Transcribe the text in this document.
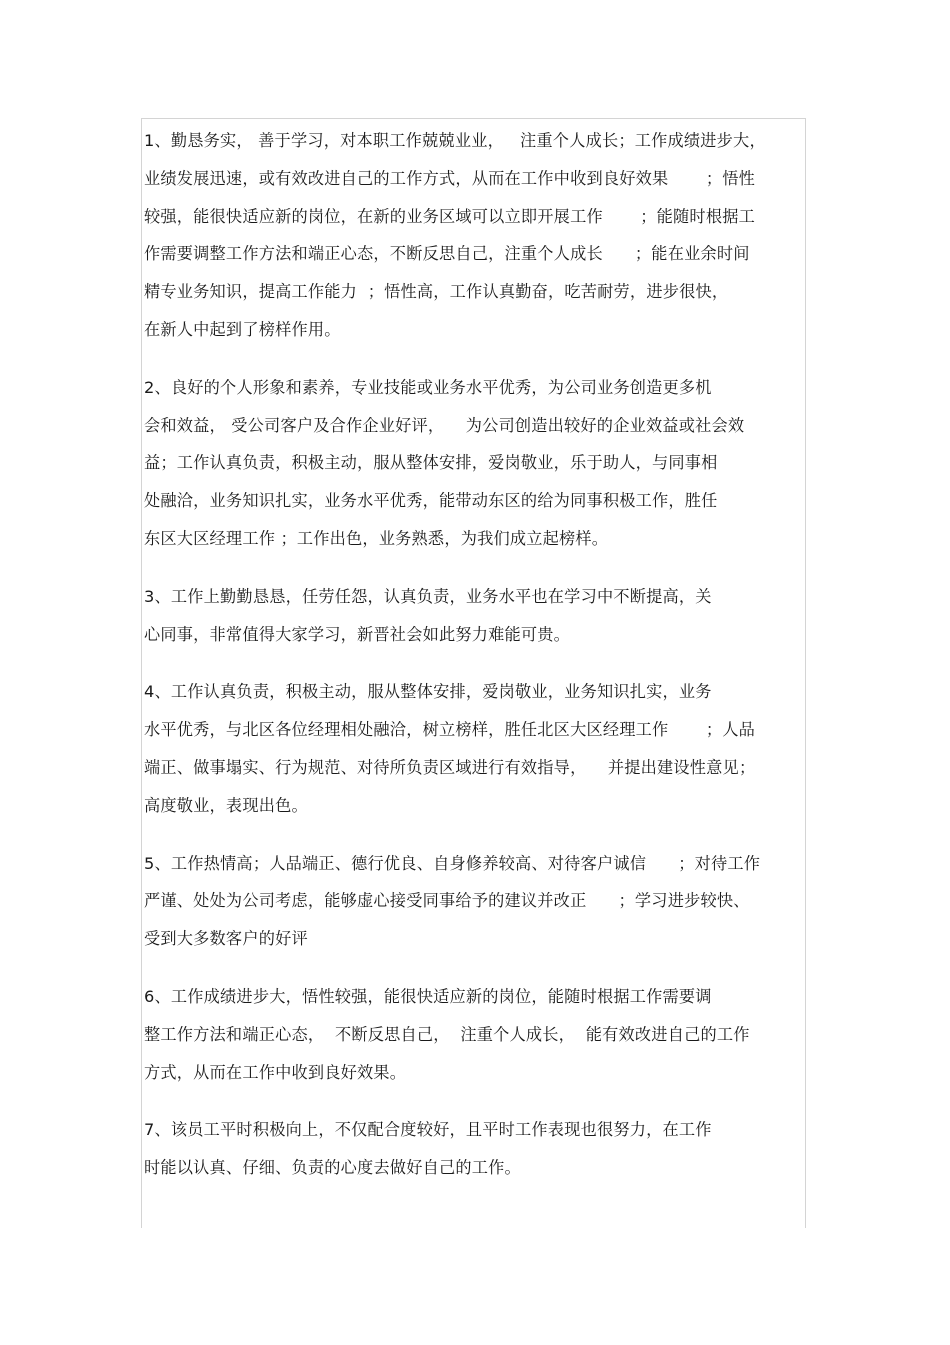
1、勤恳务实， 善于学习，对本职工作兢兢业业，   注重个人成长；工作成绩进步大，
业绩发展迅速，或有效改进自己的工作方式，从而在工作中收到良好效果       ；悟性
较强，能很快适应新的岗位，在新的业务区域可以立即开展工作       ；能随时根据工
作需要调整工作方法和端正心态，不断反思自己，注重个人成长      ；能在业余时间
精专业务知识，提高工作能力  ；悟性高，工作认真勤奋，吃苦耐劳，进步很快，
在新人中起到了榜样作用。
2、良好的个人形象和素养，专业技能或业务水平优秀，为公司业务创造更多机
会和效益， 受公司客户及合作企业好评，    为公司创造出较好的企业效益或社会效
益；工作认真负责，积极主动，服从整体安排，爱岗敬业，乐于助人，与同事相
处融洽，业务知识扎实，业务水平优秀，能带动东区的给为同事积极工作，胜任
东区大区经理工作 ；工作出色，业务熟悉，为我们成立起榜样。
3、工作上勤勤恳恳，任劳任怨，认真负责，业务水平也在学习中不断提高，关
心同事，非常值得大家学习，新晋社会如此努力难能可贵。
4、工作认真负责，积极主动，服从整体安排，爱岗敬业，业务知识扎实，业务
水平优秀，与北区各位经理相处融洽，树立榜样，胜任北区大区经理工作       ；人品
端正、做事塌实、行为规范、对待所负责区域进行有效指导，    并提出建设性意见；
高度敬业，表现出色。
5、工作热情高；人品端正、德行优良、自身修养较高、对待客户诚信      ；对待工作
严谨、处处为公司考虑，能够虚心接受同事给予的建议并改正      ；学习进步较快、
受到大多数客户的好评
6、工作成绩进步大，悟性较强，能很快适应新的岗位，能随时根据工作需要调
整工作方法和端正心态，  不断反思自己，  注重个人成长，  能有效改进自己的工作
方式，从而在工作中收到良好效果。
7、该员工平时积极向上，不仅配合度较好，且平时工作表现也很努力，在工作
时能以认真、仔细、负责的心度去做好自己的工作。
